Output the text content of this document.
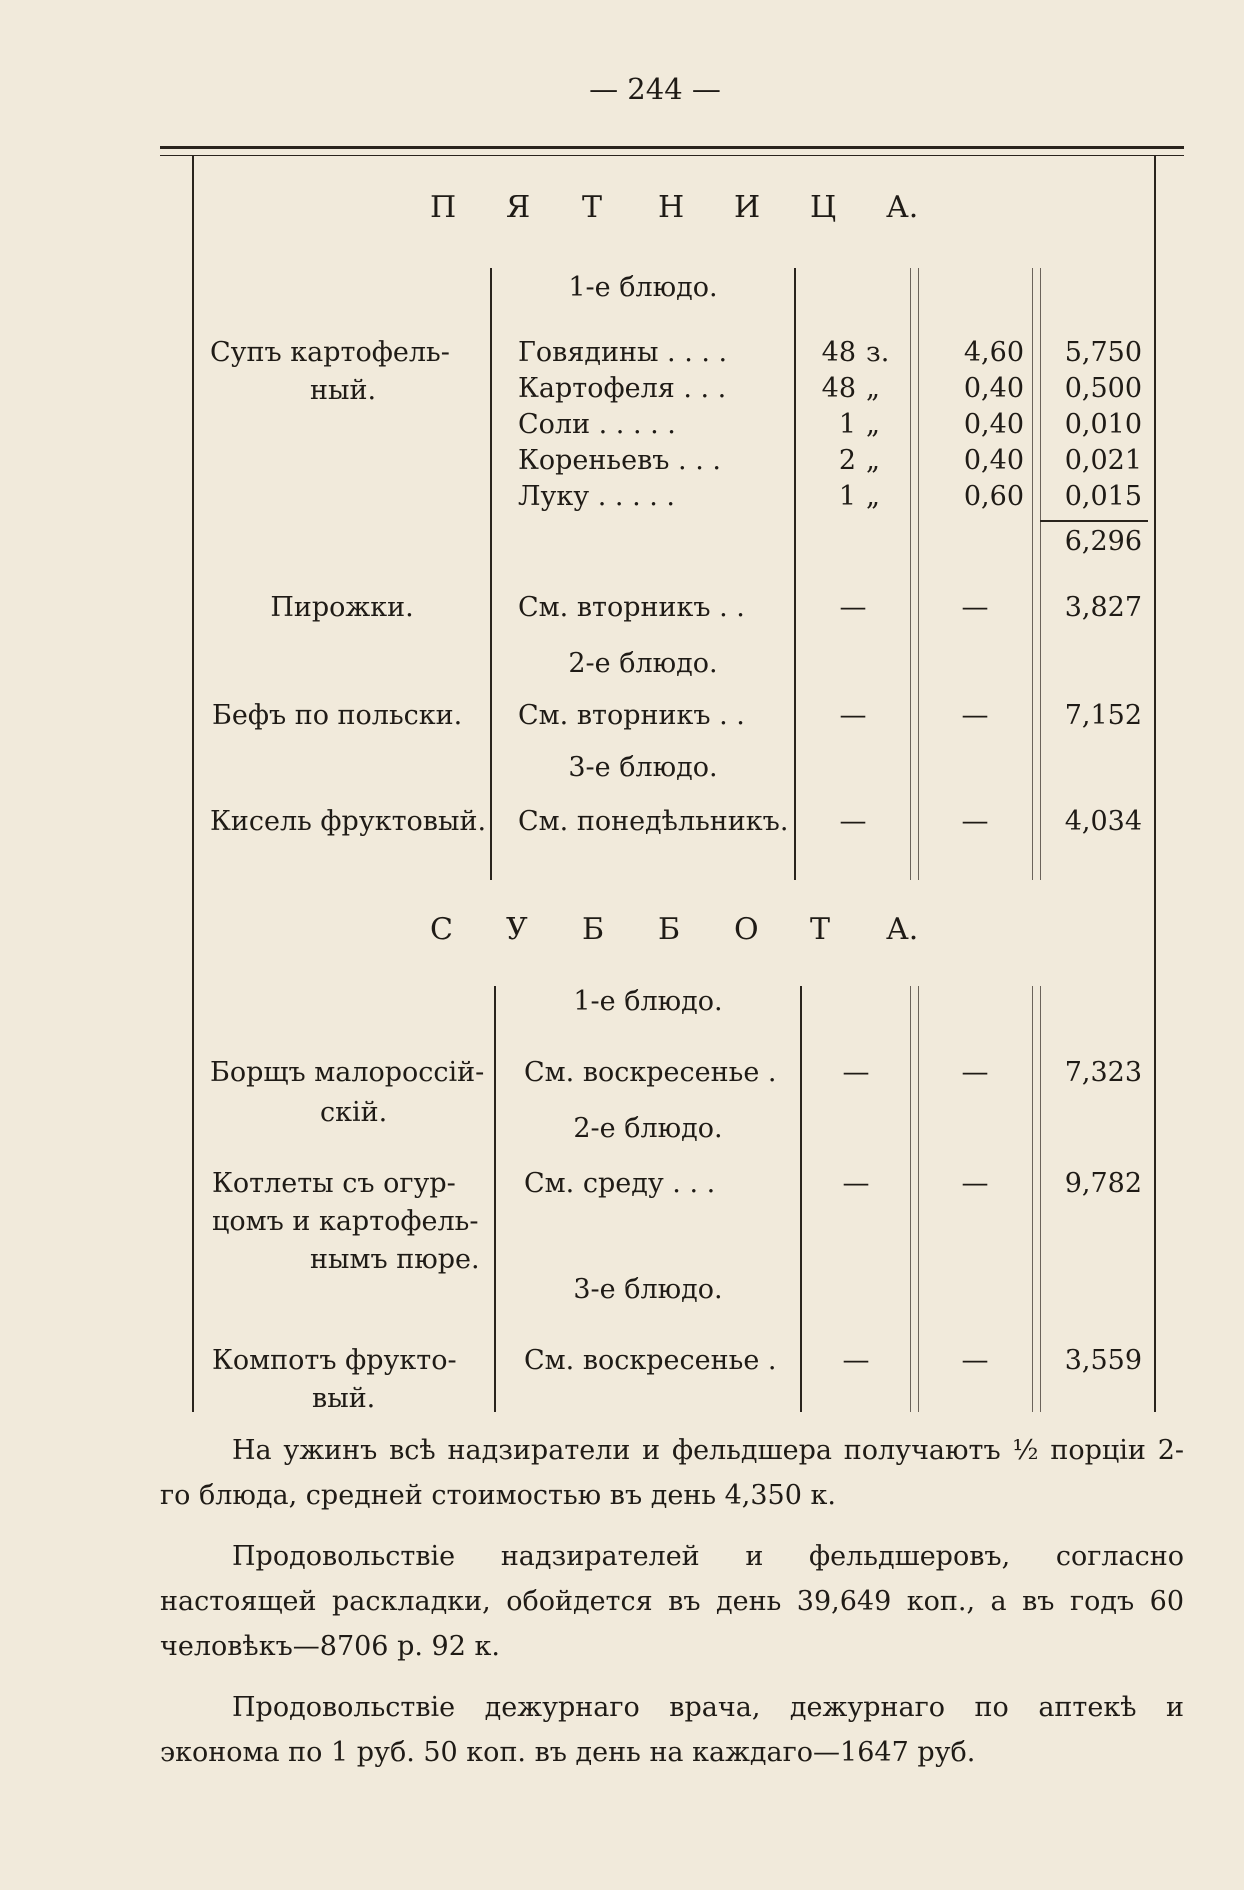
— 244 —
П Я Т Н И Ц А.
1-е блюдо.
Супъ картофель-
ный.
Говядины . . . .	48 з.	4,60	5,750
Картофеля . . .	48 „	0,40	0,500
Соли . . . . .	1 „	0,40	0,010
Кореньевъ . . .	2 „	0,40	0,021
Луку . . . . .	1 „	0,60	0,015
6,296
Пирожки.	См. вторникъ . .	—	—	3,827
2-е блюдо.
Бефъ по польски. См. вторникъ . .	—	—	7,152
3-е блюдо.
Кисель фруктовый. См. понедѣльникъ.	—	—	4,034
С У Б Б О Т А.
1-е блюдо.
Борщъ малороссій-
скій.
См. воскресенье .	—	—	7,323
2-е блюдо.
Котлеты съ огур-
цомъ и картофель-
нымъ пюре.
См. среду . . .	—	—	9,782
3-е блюдо.
Компотъ фрукто-
вый.
См. воскресенье .	—	—	3,559

На ужинъ всѣ надзиратели и фельдшера получаютъ ½ порціи 2-го блюда, средней стоимостью въ день 4,350 к.

Продовольствіе надзирателей и фельдшеровъ, согласно настоящей раскладки, обойдется въ день 39,649 коп., а въ годъ 60 человѣкъ—8706 р. 92 к.

Продовольствіе дежурнаго врача, дежурнаго по аптекѣ и эконома по 1 руб. 50 коп. въ день на каждаго—1647 руб.
